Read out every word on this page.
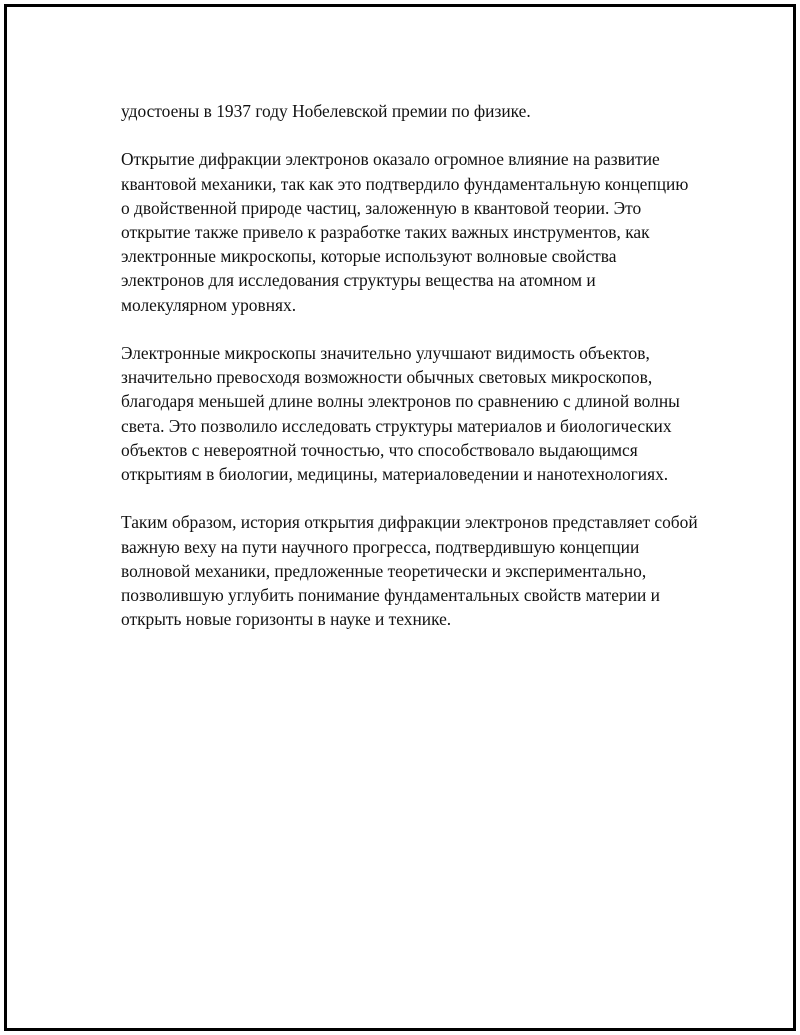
удостоены в 1937 году Нобелевской премии по физике.

Открытие дифракции электронов оказало огромное влияние на развитие квантовой механики, так как это подтвердило фундаментальную концепцию о двойственной природе частиц, заложенную в квантовой теории. Это открытие также привело к разработке таких важных инструментов, как электронные микроскопы, которые используют волновые свойства электронов для исследования структуры вещества на атомном и молекулярном уровнях.

Электронные микроскопы значительно улучшают видимость объектов, значительно превосходя возможности обычных световых микроскопов, благодаря меньшей длине волны электронов по сравнению с длиной волны света. Это позволило исследовать структуры материалов и биологических объектов с невероятной точностью, что способствовало выдающимся открытиям в биологии, медицины, материаловедении и нанотехнологиях.

Таким образом, история открытия дифракции электронов представляет собой важную веху на пути научного прогресса, подтвердившую концепции волновой механики, предложенные теоретически и экспериментально, позволившую углубить понимание фундаментальных свойств материи и открыть новые горизонты в науке и технике.
